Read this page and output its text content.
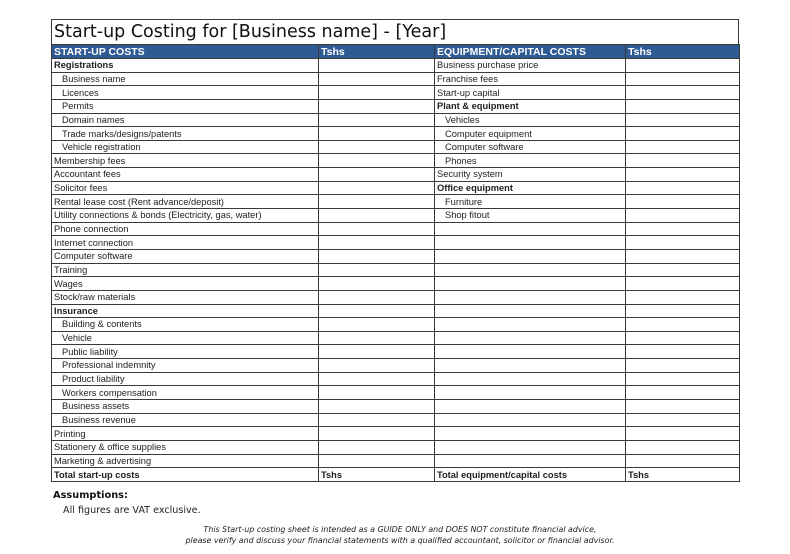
Start-up Costing for [Business name] - [Year]
START-UP COSTS	Tshs	EQUIPMENT/CAPITAL COSTS	Tshs
Registrations		Business purchase price	
Business name		Franchise fees	
Licences		Start-up capital	
Permits		Plant & equipment	
Domain names		Vehicles	
Trade marks/designs/patents		Computer equipment	
Vehicle registration		Computer software	
Membership fees		Phones	
Accountant fees		Security system	
Solicitor fees		Office equipment	
Rental lease cost (Rent advance/deposit)		Furniture	
Utility connections & bonds (Electricity, gas, water)		Shop fitout	
Phone connection			
Internet connection			
Computer software			
Training			
Wages			
Stock/raw materials			
Insurance			
Building & contents			
Vehicle			
Public liability			
Professional indemnity			
Product liability			
Workers compensation			
Business assets			
Business revenue			
Printing			
Stationery & office supplies			
Marketing & advertising			
Total start-up costs	Tshs	Total equipment/capital costs	Tshs
Assumptions:
All figures are VAT exclusive.
This Start-up costing sheet is intended as a GUIDE ONLY and DOES NOT constitute financial advice,
please verify and discuss your financial statements with a qualified accountant, solicitor or financial advisor.
